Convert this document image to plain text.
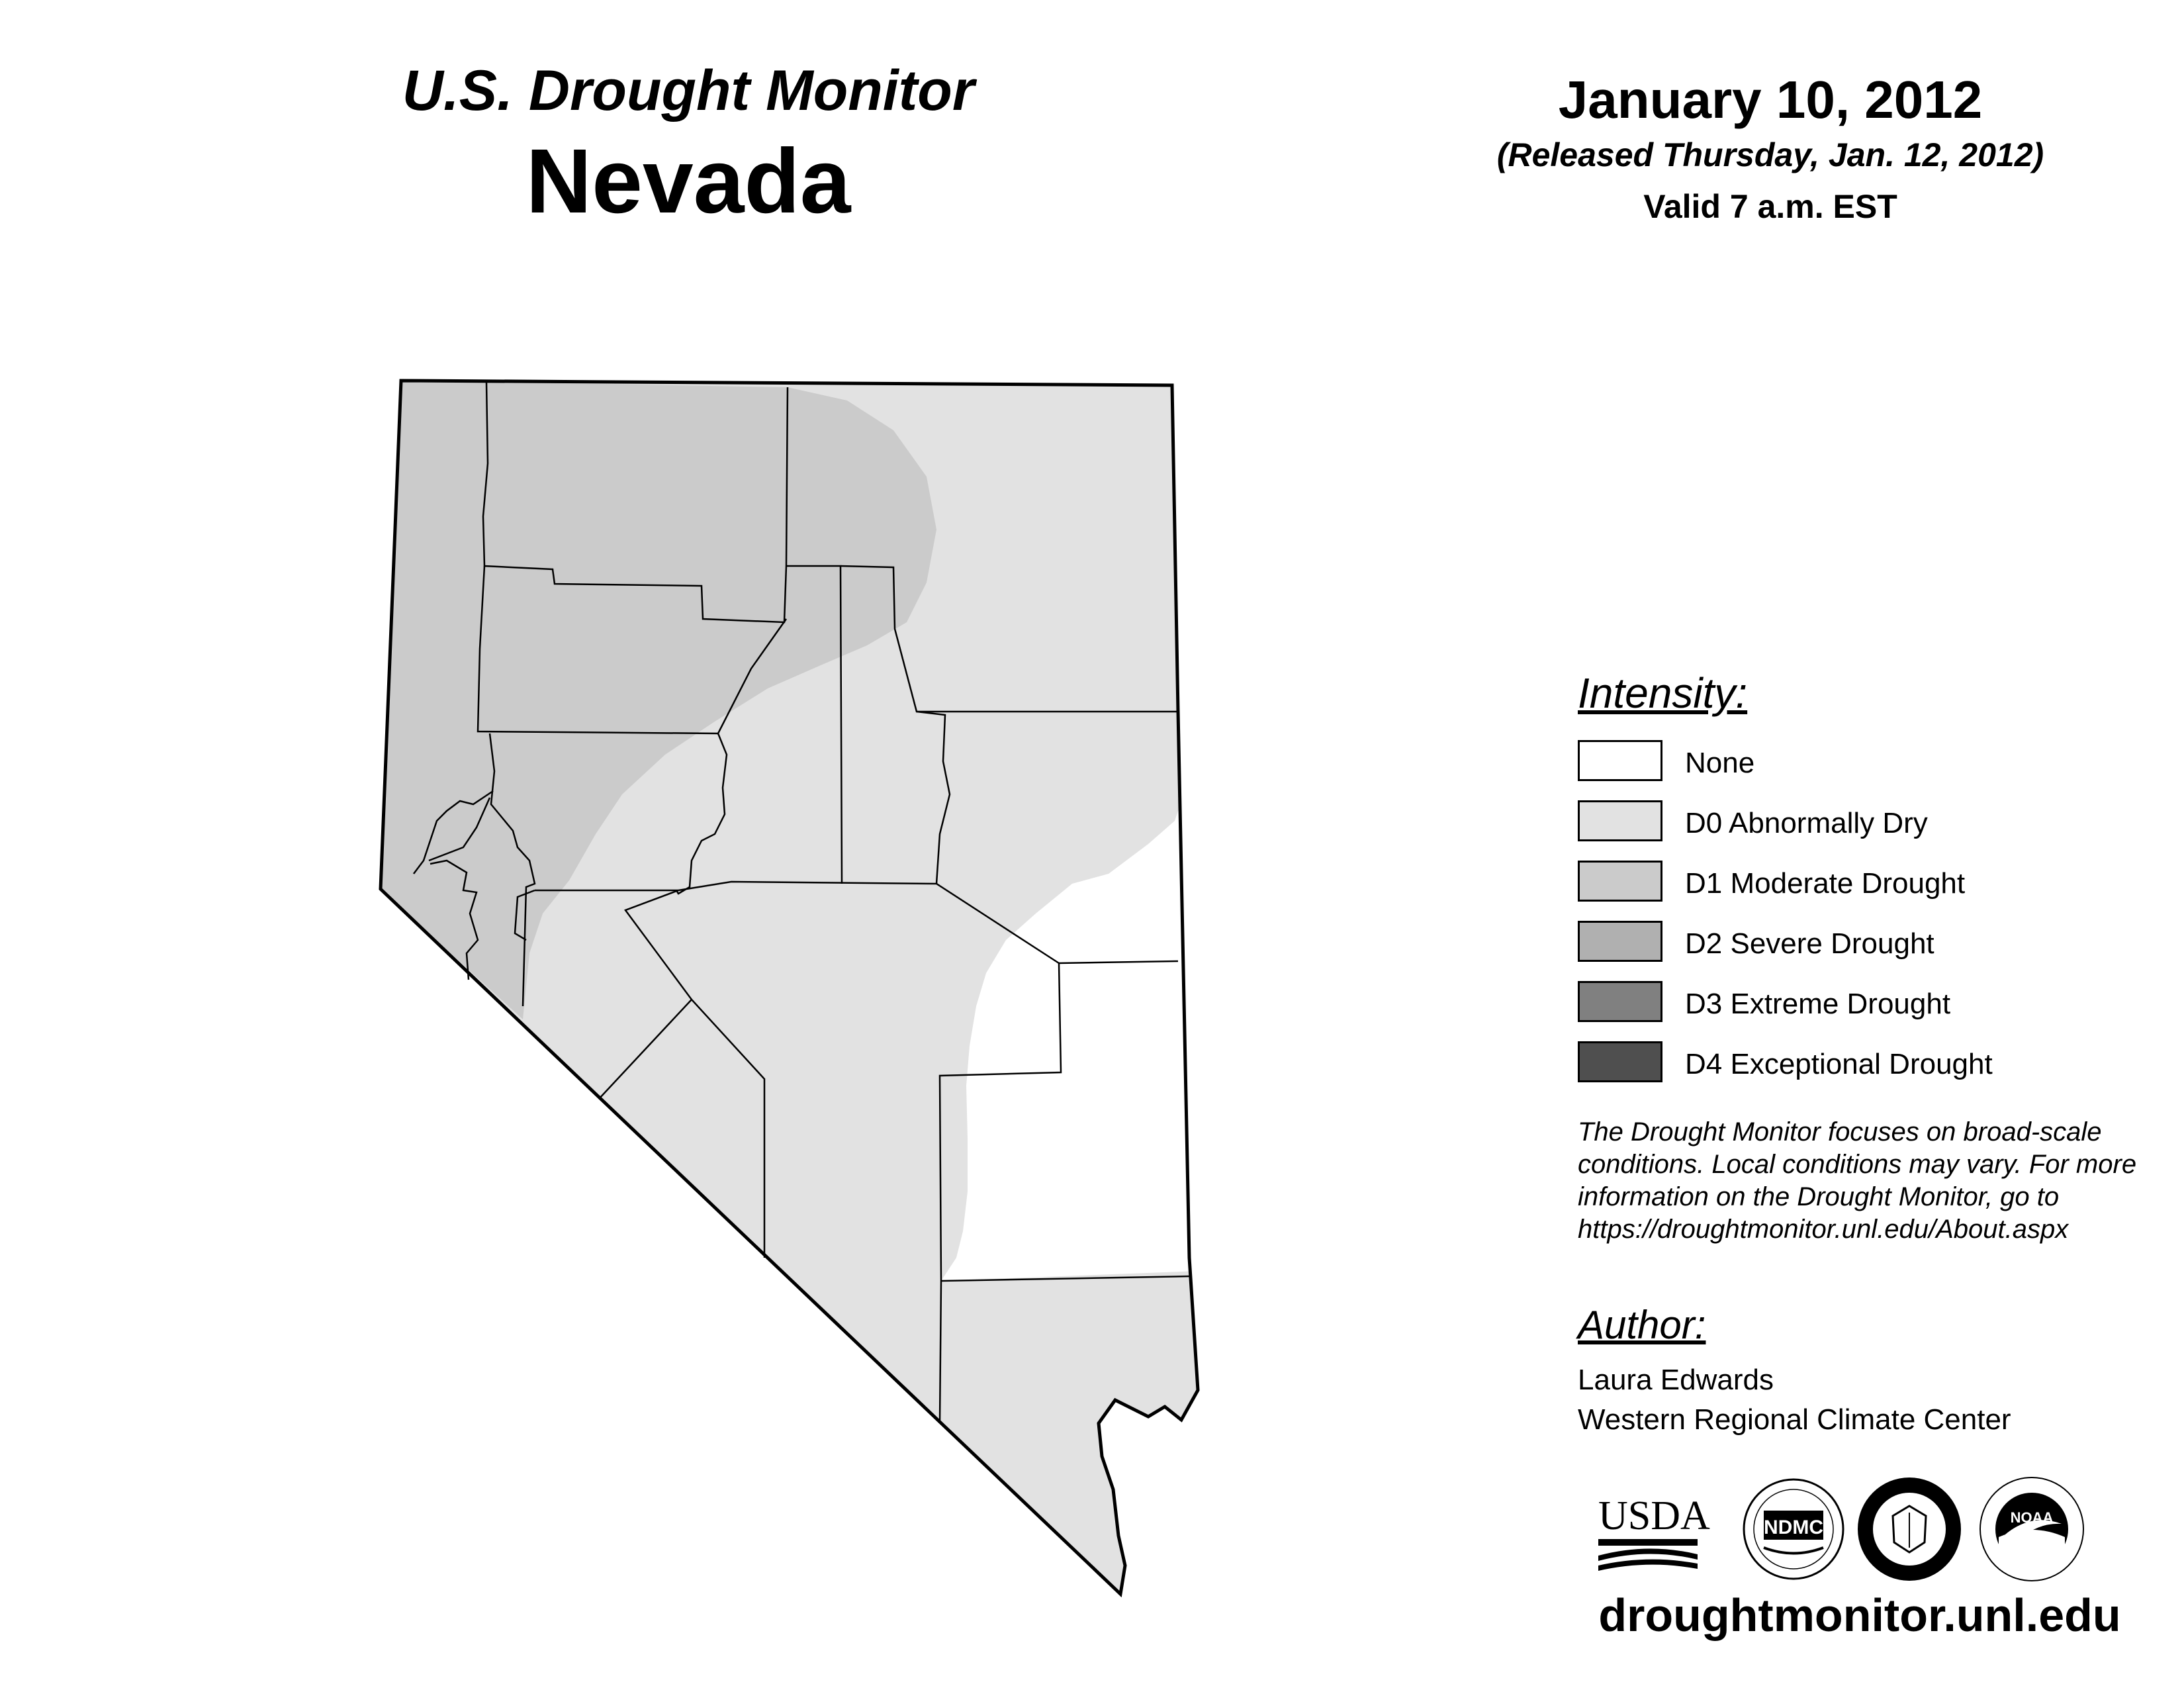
U.S. Drought Monitor
Nevada
January 10, 2012
(Released Thursday, Jan. 12, 2012)
Valid 7 a.m. EST
Intensity:
None
D0 Abnormally Dry
D1 Moderate Drought
D2 Severe Drought
D3 Extreme Drought
D4 Exceptional Drought
The Drought Monitor focuses on broad-scale conditions. Local conditions may vary. For more information on the Drought Monitor, go to https://droughtmonitor.unl.edu/About.aspx
Author:
Laura Edwards
Western Regional Climate Center
USDA	NDMC	NOAA
droughtmonitor.unl.edu
